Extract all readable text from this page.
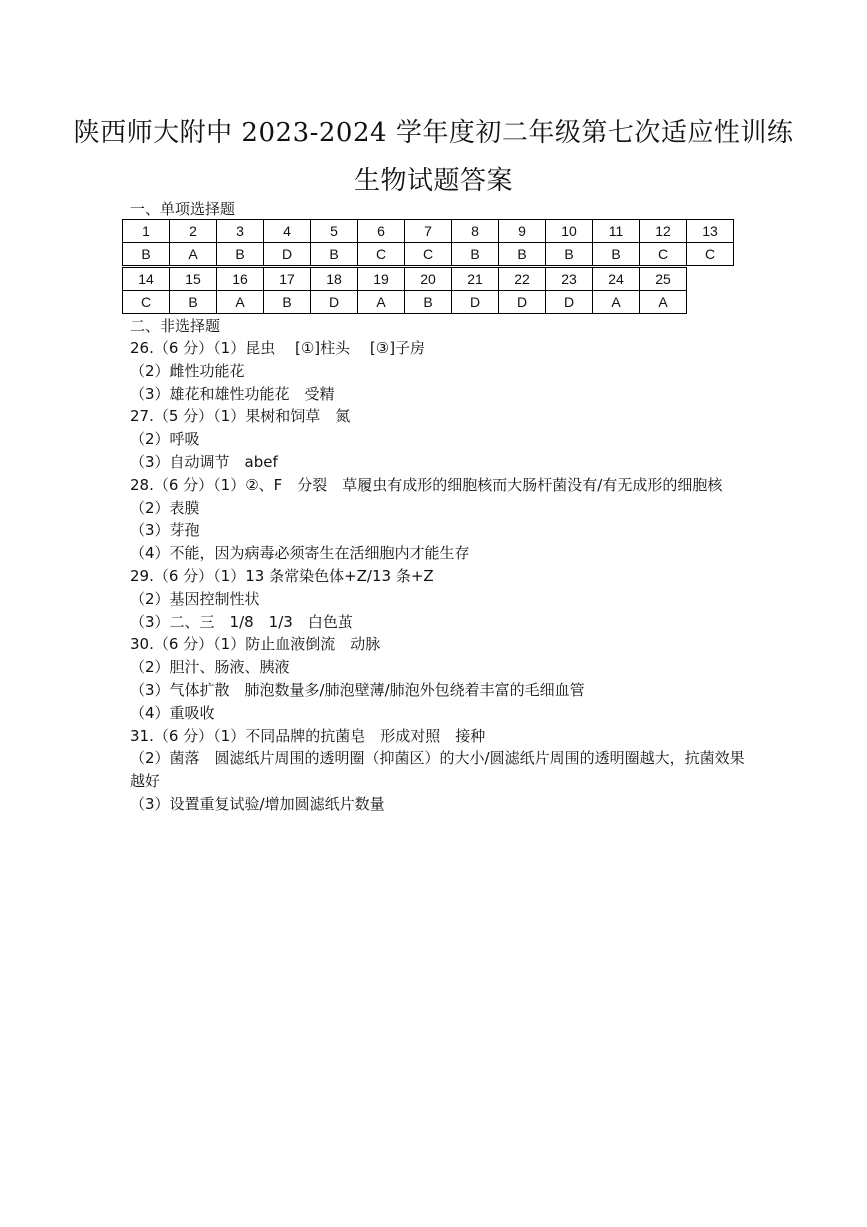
陕西师大附中 2023-2024 学年度初二年级第七次适应性训练
生物试题答案
一、单项选择题
1	2	3	4	5	6	7	8	9	10	11	12	13
B	A	B	D	B	C	C	B	B	B	B	C	C
14	15	16	17	18	19	20	21	22	23	24	25
C	B	A	B	D	A	B	D	D	D	A	A
二、非选择题
26.（6 分）（1）昆虫　 [①]柱头　 [③]子房
（2）雌性功能花
（3）雄花和雄性功能花　受精
27.（5 分）（1）果树和饲草　氮
（2）呼吸
（3）自动调节　abef
28.（6 分）（1）②、F　分裂　草履虫有成形的细胞核而大肠杆菌没有/有无成形的细胞核
（2）表膜
（3）芽孢
（4）不能，因为病毒必须寄生在活细胞内才能生存
29.（6 分）（1）13 条常染色体+Z/13 条+Z
（2）基因控制性状
（3）二、三　1/8　1/3　白色茧
30.（6 分）（1）防止血液倒流　动脉
（2）胆汁、肠液、胰液
（3）气体扩散　肺泡数量多/肺泡壁薄/肺泡外包绕着丰富的毛细血管
（4）重吸收
31.（6 分）（1）不同品牌的抗菌皂　形成对照　接种
（2）菌落　圆滤纸片周围的透明圈（抑菌区）的大小/圆滤纸片周围的透明圈越大，抗菌效果越好
（3）设置重复试验/增加圆滤纸片数量
